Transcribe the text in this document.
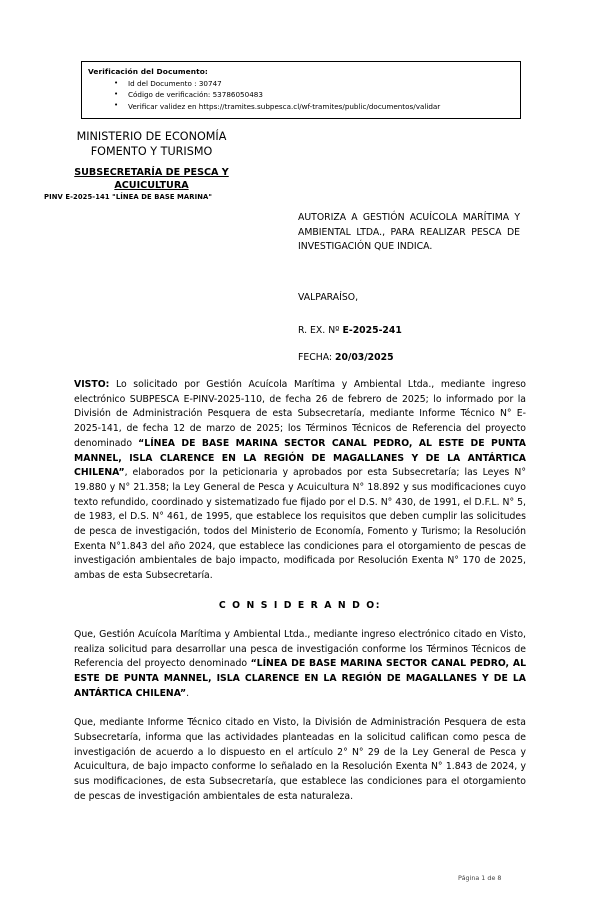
Verificación del Documento:
• Id del Documento : 30747
• Código de verificación: 53786050483
• Verificar validez en https://tramites.subpesca.cl/wf-tramites/public/documentos/validar
MINISTERIO DE ECONOMÍA
FOMENTO Y TURISMO
SUBSECRETARÍA DE PESCA Y
ACUICULTURA
PINV E-2025-141 "LÍNEA DE BASE MARINA"
AUTORIZA A GESTIÓN ACUÍCOLA MARÍTIMA Y AMBIENTAL LTDA., PARA REALIZAR PESCA DE INVESTIGACIÓN QUE INDICA.
VALPARAÍSO,
R. EX. Nº E-2025-241
FECHA: 20/03/2025

VISTO: Lo solicitado por Gestión Acuícola Marítima y Ambiental Ltda., mediante ingreso electrónico SUBPESCA E-PINV-2025-110, de fecha 26 de febrero de 2025; lo informado por la División de Administración Pesquera de esta Subsecretaría, mediante Informe Técnico N° E-2025-141, de fecha 12 de marzo de 2025; los Términos Técnicos de Referencia del proyecto denominado “LÍNEA DE BASE MARINA SECTOR CANAL PEDRO, AL ESTE DE PUNTA MANNEL, ISLA CLARENCE EN LA REGIÓN DE MAGALLANES Y DE LA ANTÁRTICA CHILENA”, elaborados por la peticionaria y aprobados por esta Subsecretaría; las Leyes N° 19.880 y N° 21.358; la Ley General de Pesca y Acuicultura N° 18.892 y sus modificaciones cuyo texto refundido, coordinado y sistematizado fue fijado por el D.S. N° 430, de 1991, el D.F.L. N° 5, de 1983, el D.S. N° 461, de 1995, que establece los requisitos que deben cumplir las solicitudes de pesca de investigación, todos del Ministerio de Economía, Fomento y Turismo; la Resolución Exenta N°1.843 del año 2024, que establece las condiciones para el otorgamiento de pescas de investigación ambientales de bajo impacto, modificada por Resolución Exenta N° 170 de 2025, ambas de esta Subsecretaría.

C O N S I D E R A N D O:

Que, Gestión Acuícola Marítima y Ambiental Ltda., mediante ingreso electrónico citado en Visto, realiza solicitud para desarrollar una pesca de investigación conforme los Términos Técnicos de Referencia del proyecto denominado “LÍNEA DE BASE MARINA SECTOR CANAL PEDRO, AL ESTE DE PUNTA MANNEL, ISLA CLARENCE EN LA REGIÓN DE MAGALLANES Y DE LA ANTÁRTICA CHILENA”.

Que, mediante Informe Técnico citado en Visto, la División de Administración Pesquera de esta Subsecretaría, informa que las actividades planteadas en la solicitud califican como pesca de investigación de acuerdo a lo dispuesto en el artículo 2° N° 29 de la Ley General de Pesca y Acuicultura, de bajo impacto conforme lo señalado en la Resolución Exenta N° 1.843 de 2024, y sus modificaciones, de esta Subsecretaría, que establece las condiciones para el otorgamiento de pescas de investigación ambientales de esta naturaleza.

Página 1 de 8
